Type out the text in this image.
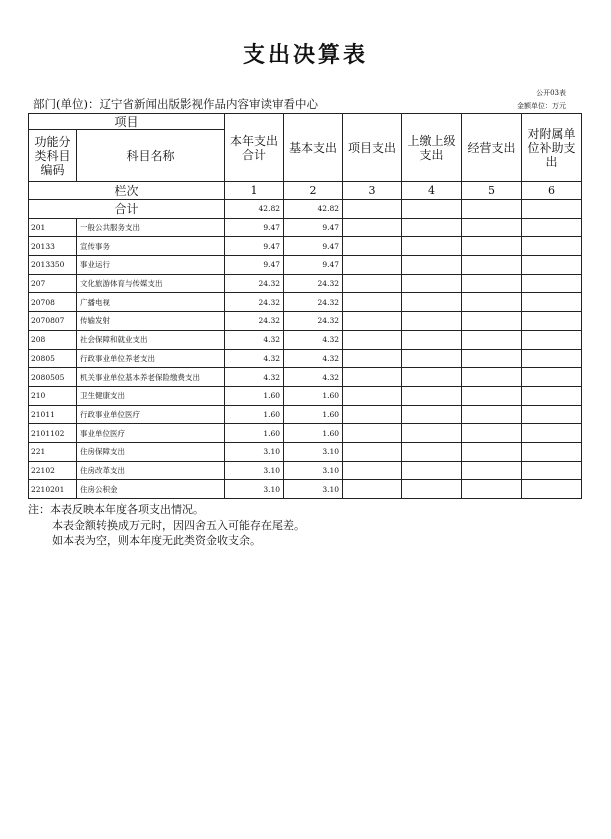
支出决算表
公开03表
部门(单位)：辽宁省新闻出版影视作品内容审读审看中心	金额单位：万元
项目		本年支出合计	基本支出	项目支出	上缴上级支出	经营支出	对附属单位补助支出
功能分类科目编码	科目名称						
栏次		1	2	3	4	5	6
合计		42.82	42.82				
201	一般公共服务支出	9.47	9.47				
20133	宣传事务	9.47	9.47				
2013350	事业运行	9.47	9.47				
207	文化旅游体育与传媒支出	24.32	24.32				
20708	广播电视	24.32	24.32				
2070807	传输发射	24.32	24.32				
208	社会保障和就业支出	4.32	4.32				
20805	行政事业单位养老支出	4.32	4.32				
2080505	机关事业单位基本养老保险缴费支出	4.32	4.32				
210	卫生健康支出	1.60	1.60				
21011	行政事业单位医疗	1.60	1.60				
2101102	事业单位医疗	1.60	1.60				
221	住房保障支出	3.10	3.10				
22102	住房改革支出	3.10	3.10				
2210201	住房公积金	3.10	3.10				
注：本表反映本年度各项支出情况。
本表金额转换成万元时，因四舍五入可能存在尾差。
如本表为空，则本年度无此类资金收支余。
